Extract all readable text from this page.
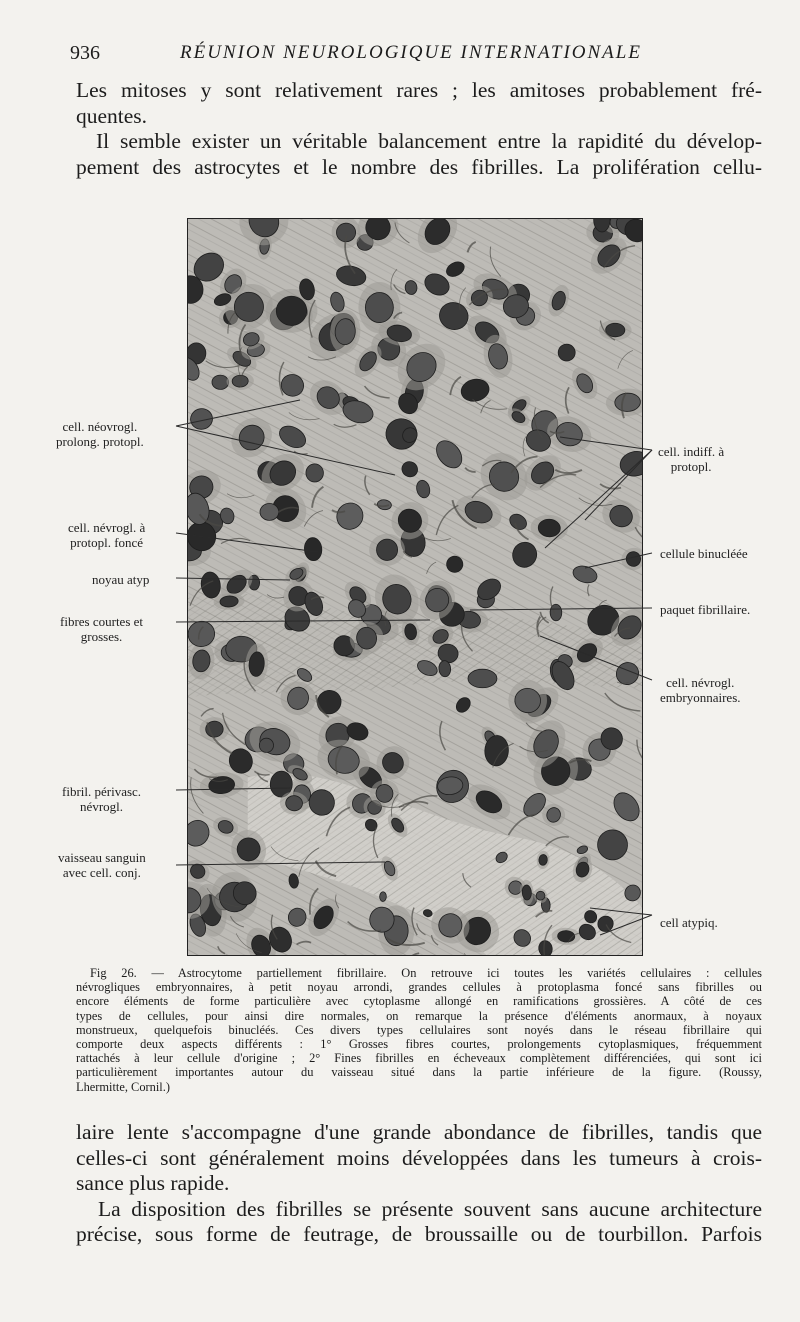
936	RÉUNION NEUROLOGIQUE INTERNATIONALE
Les mitoses y sont relativement rares ; les amitoses probablement fré-
quentes.
Il semble exister un véritable balancement entre la rapidité du dévelop-
pement des astrocytes et le nombre des fibrilles. La prolifération cellu-
cell. néovrogl.
prolong. protopl.
cell. névrogl. à
protopl. foncé
noyau atyp
fibres courtes et
grosses.
fibril. périvasc.
névrogl.
vaisseau sanguin
avec cell. conj.
cell. indiff. à
protopl.
cellule binucléée
paquet fibrillaire.
cell. névrogl.
embryonnaires.
cell atypiq.
Fig 26. — Astrocytome partiellement fibrillaire. On retrouve ici toutes les variétés cellulaires : cellules
névrogliques embryonnaires, à petit noyau arrondi, grandes cellules à protoplasma foncé sans fibrilles ou
encore éléments de forme particulière avec cytoplasme allongé en ramifications grossières. A côté de ces
types de cellules, pour ainsi dire normales, on remarque la présence d'éléments anormaux, à noyaux
monstrueux, quelquefois binucléés. Ces divers types cellulaires sont noyés dans le réseau fibrillaire qui
comporte deux aspects différents : 1° Grosses fibres courtes, prolongements cytoplasmiques, fréquemment
rattachés à leur cellule d'origine ; 2° Fines fibrilles en écheveaux complètement différenciées, qui sont ici
particulièrement importantes autour du vaisseau situé dans la partie inférieure de la figure. (Roussy,
Lhermitte, Cornil.)
laire lente s'accompagne d'une grande abondance de fibrilles, tandis que
celles-ci sont généralement moins développées dans les tumeurs à crois-
sance plus rapide.
La disposition des fibrilles se présente souvent sans aucune architecture
précise, sous forme de feutrage, de broussaille ou de tourbillon. Parfois
